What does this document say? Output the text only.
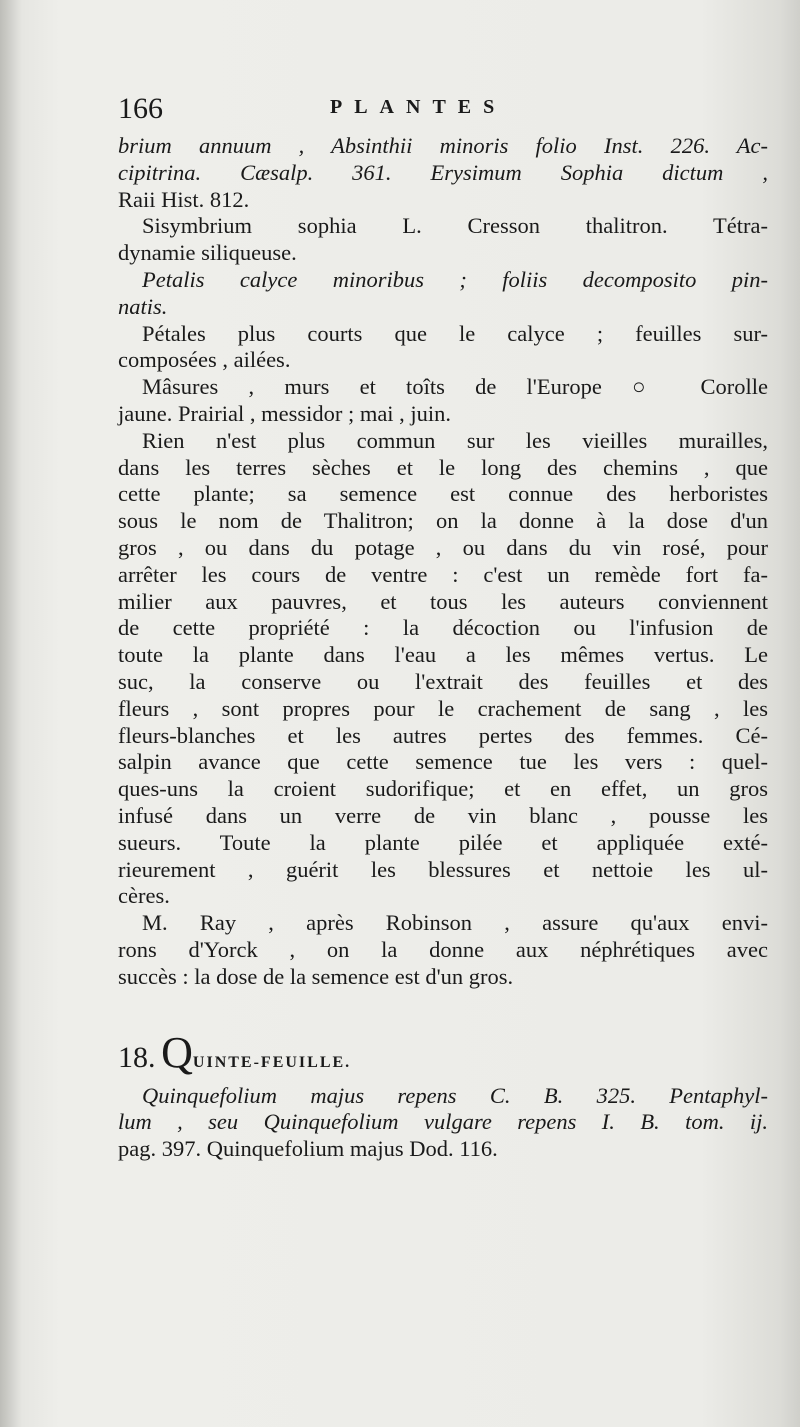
166	PLANTES
brium annuum , Absinthii minoris folio Inst. 226. Ac-
cipitrina. Cæsalp. 361. Erysimum Sophia dictum ,
Raii Hist. 812.
Sisymbrium sophia L. Cresson thalitron. Tétra-
dynamie siliqueuse.
Petalis calyce minoribus ; foliis decomposito pin-
natis.
Pétales plus courts que le calyce ; feuilles sur-
composées , ailées.
Mâsures , murs et toîts de l'Europe ○ Corolle
jaune. Prairial , messidor ; mai , juin.
Rien n'est plus commun sur les vieilles murailles,
dans les terres sèches et le long des chemins , que
cette plante; sa semence est connue des herboristes
sous le nom de Thalitron; on la donne à la dose d'un
gros , ou dans du potage , ou dans du vin rosé, pour
arrêter les cours de ventre : c'est un remède fort fa-
milier aux pauvres, et tous les auteurs conviennent
de cette propriété : la décoction ou l'infusion de
toute la plante dans l'eau a les mêmes vertus. Le
suc, la conserve ou l'extrait des feuilles et des
fleurs , sont propres pour le crachement de sang , les
fleurs-blanches et les autres pertes des femmes. Cé-
salpin avance que cette semence tue les vers : quel-
ques-uns la croient sudorifique; et en effet, un gros
infusé dans un verre de vin blanc , pousse les
sueurs. Toute la plante pilée et appliquée exté-
rieurement , guérit les blessures et nettoie les ul-
cères.
M. Ray , après Robinson , assure qu'aux envi-
rons d'Yorck , on la donne aux néphrétiques avec
succès : la dose de la semence est d'un gros.
18. QUINTE-FEUILLE.
Quinquefolium majus repens C. B. 325. Pentaphyl-
lum , seu Quinquefolium vulgare repens I. B. tom. ij.
pag. 397. Quinquefolium majus Dod. 116.
